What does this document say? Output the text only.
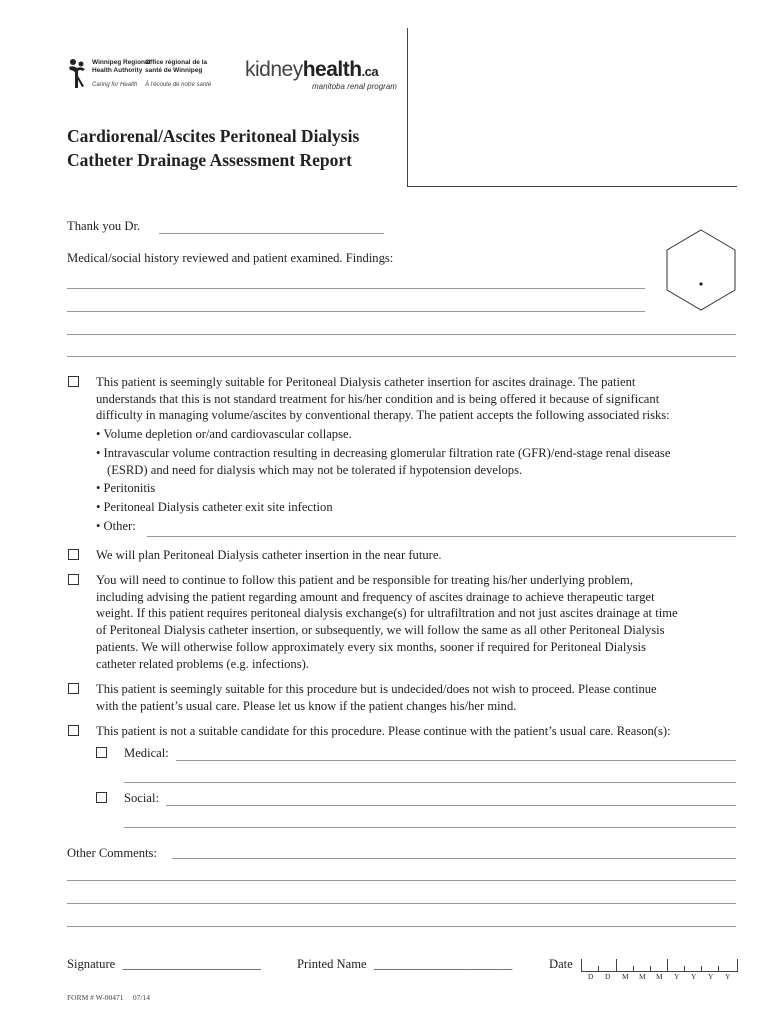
Winnipeg Regional
Health Authority
Office régional de la
santé de Winnipeg
Caring for Health À l'écoute de notre santé
kidneyhealth.ca
manitoba renal program
Cardiorenal/Ascites Peritoneal Dialysis
Catheter Drainage Assessment Report
Thank you Dr.
Medical/social history reviewed and patient examined. Findings:
This patient is seemingly suitable for Peritoneal Dialysis catheter insertion for ascites drainage. The patient
understands that this is not standard treatment for his/her condition and is being offered it because of significant
difficulty in managing volume/ascites by conventional therapy. The patient accepts the following associated risks:
• Volume depletion or/and cardiovascular collapse.
• Intravascular volume contraction resulting in decreasing glomerular filtration rate (GFR)/end-stage renal disease
(ESRD) and need for dialysis which may not be tolerated if hypotension develops.
• Peritonitis
• Peritoneal Dialysis catheter exit site infection
• Other:
We will plan Peritoneal Dialysis catheter insertion in the near future.
You will need to continue to follow this patient and be responsible for treating his/her underlying problem,
including advising the patient regarding amount and frequency of ascites drainage to achieve therapeutic target
weight. If this patient requires peritoneal dialysis exchange(s) for ultrafiltration and not just ascites drainage at time
of Peritoneal Dialysis catheter insertion, or subsequently, we will follow the same as all other Peritoneal Dialysis
patients. We will otherwise follow approximately every six months, sooner if required for Peritoneal Dialysis
catheter related problems (e.g. infections).
This patient is seemingly suitable for this procedure but is undecided/does not wish to proceed. Please continue
with the patient’s usual care. Please let us know if the patient changes his/her mind.
This patient is not a suitable candidate for this procedure. Please continue with the patient’s usual care. Reason(s):
Medical:
Social:
Other Comments:
Signature ______________________	Printed Name ______________________	Date
D D M M M Y Y Y Y
FORM # W-00471     07/14
